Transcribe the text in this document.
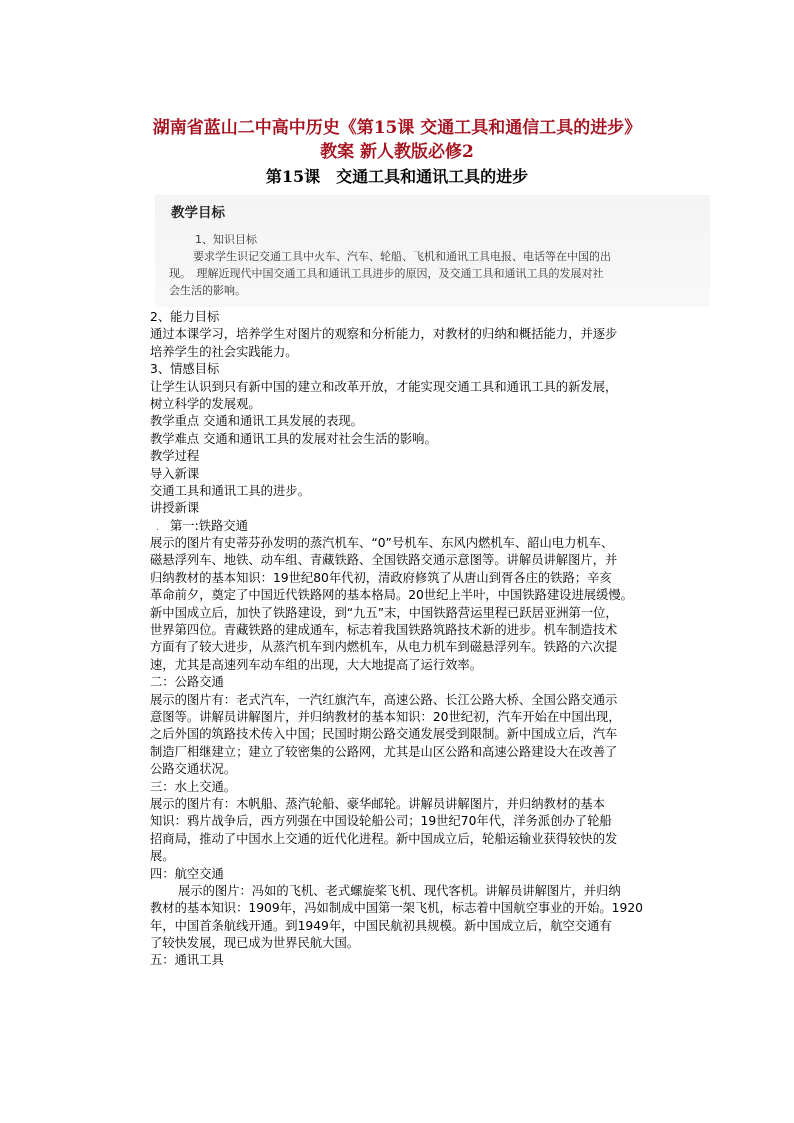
湖南省蓝山二中高中历史《第15课 交通工具和通信工具的进步》
教案 新人教版必修2
第15课　交通工具和通讯工具的进步
教学目标
1、知识目标
要求学生识记交通工具中火车、汽车、轮船、飞机和通讯工具电报、电话等在中国的出
现。　理解近现代中国交通工具和通讯工具进步的原因，及交通工具和通讯工具的发展对社
会生活的影响。
2、能力目标
通过本课学习，培养学生对图片的观察和分析能力，对教材的归纳和概括能力，并逐步
培养学生的社会实践能力。
3、情感目标
让学生认识到只有新中国的建立和改革开放，才能实现交通工具和通讯工具的新发展，
树立科学的发展观。
教学重点 交通和通讯工具发展的表现。
教学难点 交通和通讯工具的发展对社会生活的影响。
教学过程
导入新课
交通工具和通讯工具的进步。
讲授新课
. 第一:铁路交通
展示的图片有史蒂芬孙发明的蒸汽机车、“0”号机车、东风内燃机车、韶山电力机车、
磁悬浮列车、地铁、动车组、青藏铁路、全国铁路交通示意图等。讲解员讲解图片，并
归纳教材的基本知识：19世纪80年代初，清政府修筑了从唐山到胥各庄的铁路；辛亥
革命前夕，奠定了中国近代铁路网的基本格局。20世纪上半叶，中国铁路建设进展缓慢。
新中国成立后，加快了铁路建设，到“九五”末，中国铁路营运里程已跃居亚洲第一位，
世界第四位。青藏铁路的建成通车，标志着我国铁路筑路技术新的进步。机车制造技术
方面有了较大进步，从蒸汽机车到内燃机车，从电力机车到磁悬浮列车。铁路的六次提
速，尤其是高速列车动车组的出现，大大地提高了运行效率。
二：公路交通
展示的图片有：老式汽车，一汽红旗汽车，高速公路、长江公路大桥、全国公路交通示
意图等。讲解员讲解图片，并归纳教材的基本知识：20世纪初，汽车开始在中国出现，
之后外国的筑路技术传入中国；民国时期公路交通发展受到限制。新中国成立后，汽车
制造厂相继建立；建立了较密集的公路网，尤其是山区公路和高速公路建设大在改善了
公路交通状况。
三：水上交通。
展示的图片有：木帆船、蒸汽轮船、豪华邮轮。讲解员讲解图片，并归纳教材的基本
知识：鸦片战争后，西方列强在中国设轮船公司；19世纪70年代，洋务派创办了轮船
招商局，推动了中国水上交通的近代化进程。新中国成立后，轮船运输业获得较快的发
展。
四：航空交通
展示的图片：冯如的飞机、老式螺旋桨飞机、现代客机。讲解员讲解图片，并归纳
教材的基本知识：1909年，冯如制成中国第一架飞机，标志着中国航空事业的开始。1920
年，中国首条航线开通。到1949年，中国民航初具规模。新中国成立后，航空交通有
了较快发展，现已成为世界民航大国。
五：通讯工具
